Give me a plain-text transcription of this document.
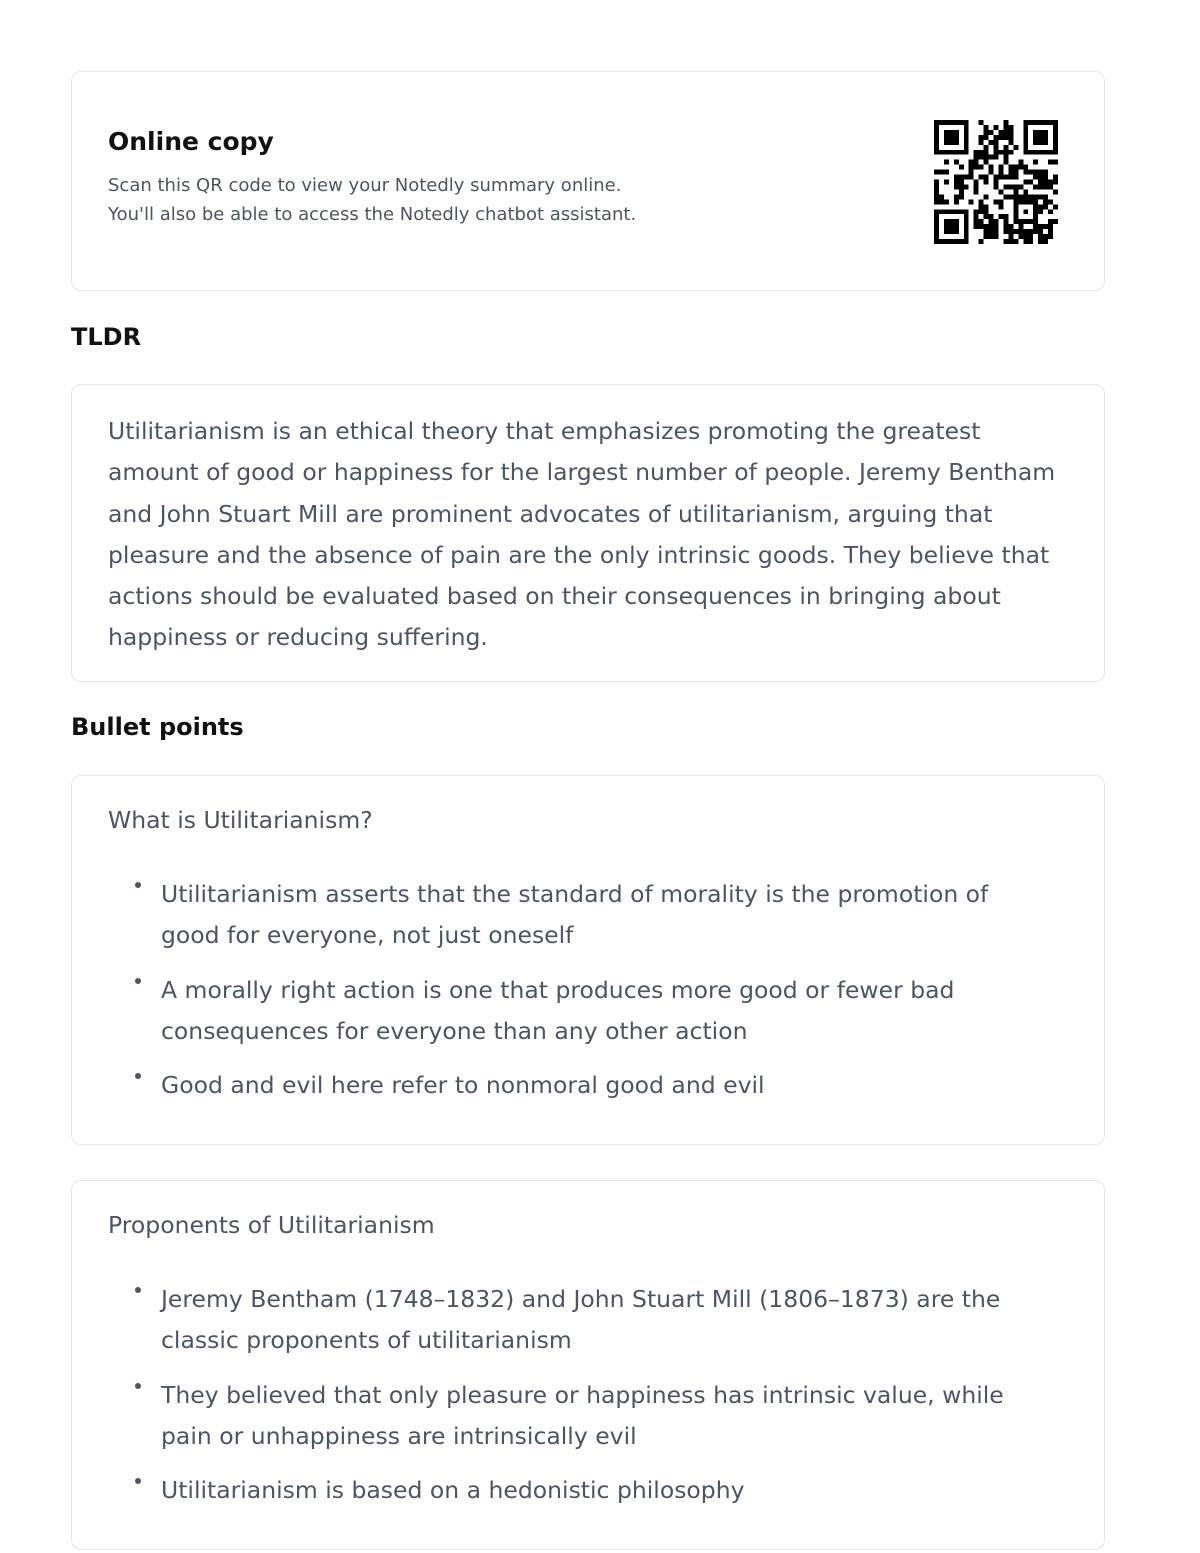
Online copy
Scan this QR code to view your Notedly summary online.
You'll also be able to access the Notedly chatbot assistant.
TLDR

Utilitarianism is an ethical theory that emphasizes promoting the greatest amount of good or happiness for the largest number of people. Jeremy Bentham and John Stuart Mill are prominent advocates of utilitarianism, arguing that pleasure and the absence of pain are the only intrinsic goods. They believe that actions should be evaluated based on their consequences in bringing about happiness or reducing suffering.

Bullet points
What is Utilitarianism?
Utilitarianism asserts that the standard of morality is the promotion of good for everyone, not just oneself
A morally right action is one that produces more good or fewer bad consequences for everyone than any other action
Good and evil here refer to nonmoral good and evil
Proponents of Utilitarianism
Jeremy Bentham (1748–1832) and John Stuart Mill (1806–1873) are the classic proponents of utilitarianism
They believed that only pleasure or happiness has intrinsic value, while pain or unhappiness are intrinsically evil
Utilitarianism is based on a hedonistic philosophy
